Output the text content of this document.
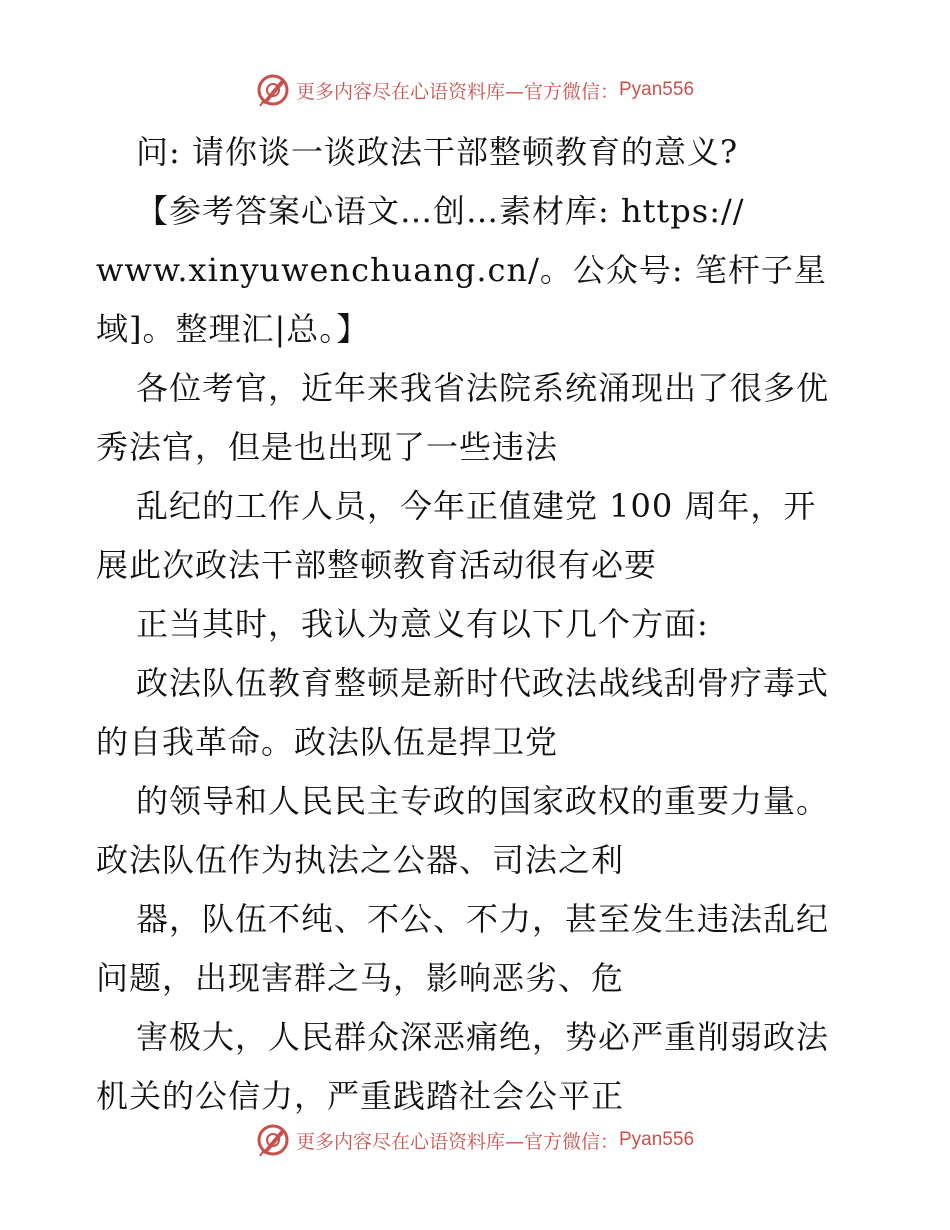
更多内容尽在心语资料库—官方微信： Pyan556
问: 请你谈一谈政法干部整顿教育的意义?
【参考答案心语文…创…素材库: https://
www.xinyuwenchuang.cn/。公众号: 笔杆子星
域]。整理汇|总。】
各位考官，近年来我省法院系统涌现出了很多优
秀法官，但是也出现了一些违法
乱纪的工作人员，今年正值建党 100 周年，开
展此次政法干部整顿教育活动很有必要
正当其时，我认为意义有以下几个方面:
政法队伍教育整顿是新时代政法战线刮骨疗毒式
的自我革命。政法队伍是捍卫党
的领导和人民民主专政的国家政权的重要力量。
政法队伍作为执法之公器、司法之利
器，队伍不纯、不公、不力，甚至发生违法乱纪
问题，出现害群之马，影响恶劣、危
害极大，人民群众深恶痛绝，势必严重削弱政法
机关的公信力，严重践踏社会公平正
更多内容尽在心语资料库—官方微信： Pyan556
